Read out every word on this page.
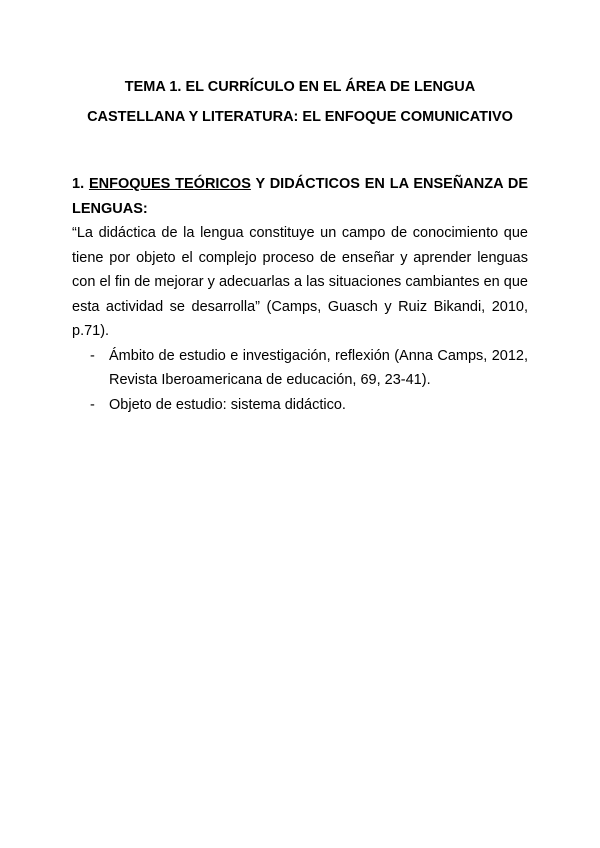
TEMA 1. EL CURRÍCULO EN EL ÁREA DE LENGUA
CASTELLANA Y LITERATURA: EL ENFOQUE COMUNICATIVO
1. ENFOQUES TEÓRICOS Y DIDÁCTICOS EN LA ENSEÑANZA DE LENGUAS:
“La didáctica de la lengua constituye un campo de conocimiento que tiene por objeto el complejo proceso de enseñar y aprender lenguas con el fin de mejorar y adecuarlas a las situaciones cambiantes en que esta actividad se desarrolla” (Camps, Guasch y Ruiz Bikandi, 2010, p.71).
- Ámbito de estudio e investigación, reflexión (Anna Camps, 2012, Revista Iberoamericana de educación, 69, 23-41).
- Objeto de estudio: sistema didáctico.
